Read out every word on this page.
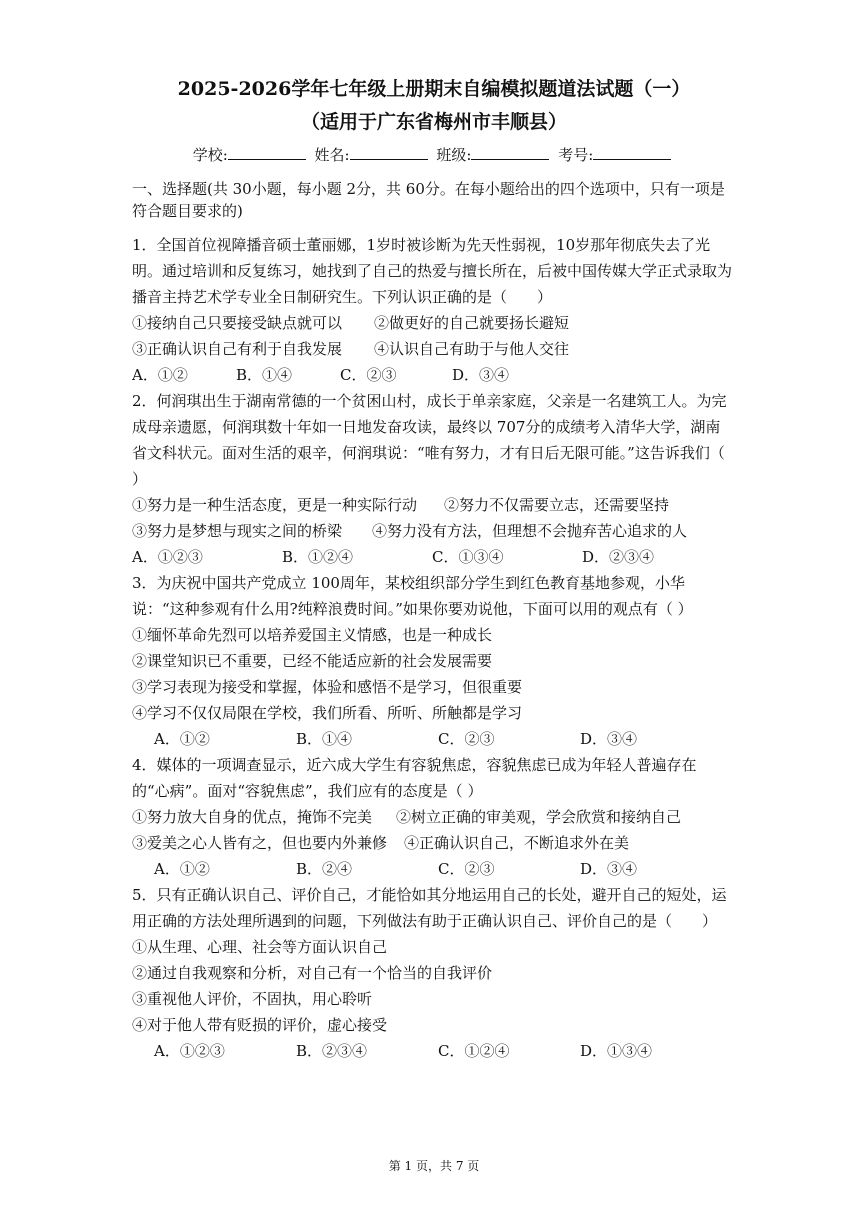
2025-2026学年七年级上册期末自编模拟题道法试题（一）
（适用于广东省梅州市丰顺县）
学校:	姓名:	班级:	考号:

一、选择题(共 30小题，每小题 2分，共 60分。在每小题给出的四个选项中，只有一项是符合题目要求的)

1．全国首位视障播音硕士董丽娜，1岁时被诊断为先天性弱视，10岁那年彻底失去了光明。通过培训和反复练习，她找到了自己的热爱与擅长所在，后被中国传媒大学正式录取为播音主持艺术学专业全日制研究生。下列认识正确的是（　　）

①接纳自己只要接受缺点就可以 ②做更好的自己就要扬长避短

③正确认识自己有利于自我发展 ④认识自己有助于与他人交往

A．①②	B．①④	C．②③	D．③④

2．何润琪出生于湖南常德的一个贫困山村，成长于单亲家庭，父亲是一名建筑工人。为完成母亲遗愿，何润琪数十年如一日地发奋攻读，最终以 707分的成绩考入清华大学，湖南省文科状元。面对生活的艰辛，何润琪说：“唯有努力，才有日后无限可能。”这告诉我们（ ）

①努力是一种生活态度，更是一种实际行动 ②努力不仅需要立志，还需要坚持

③努力是梦想与现实之间的桥梁 ④努力没有方法，但理想不会抛弃苦心追求的人

A．①②③	B．①②④	C．①③④	D．②③④

3．为庆祝中国共产党成立 100周年，某校组织部分学生到红色教育基地参观，小华说：“这种参观有什么用?纯粹浪费时间。”如果你要劝说他，下面可以用的观点有（ ）

①缅怀革命先烈可以培养爱国主义情感，也是一种成长

②课堂知识已不重要，已经不能适应新的社会发展需要

③学习表现为接受和掌握，体验和感悟不是学习，但很重要

④学习不仅仅局限在学校，我们所看、所听、所触都是学习

A．①②	B．①④	C．②③	D．③④

4．媒体的一项调查显示，近六成大学生有容貌焦虑，容貌焦虑已成为年轻人普遍存在的“心病”。面对“容貌焦虑”，我们应有的态度是（ ）

①努力放大自身的优点，掩饰不完美 ②树立正确的审美观，学会欣赏和接纳自己

③爱美之心人皆有之，但也要内外兼修 ④正确认识自己，不断追求外在美

A．①②	B．②④	C．②③	D．③④

5．只有正确认识自己、评价自己，才能恰如其分地运用自己的长处，避开自己的短处，运用正确的方法处理所遇到的问题，下列做法有助于正确认识自己、评价自己的是（　　）

①从生理、心理、社会等方面认识自己

②通过自我观察和分析，对自己有一个恰当的自我评价

③重视他人评价，不固执，用心聆听

④对于他人带有贬损的评价，虚心接受

A．①②③	B．②③④	C．①②④	D．①③④

第 1 页，共 7 页
